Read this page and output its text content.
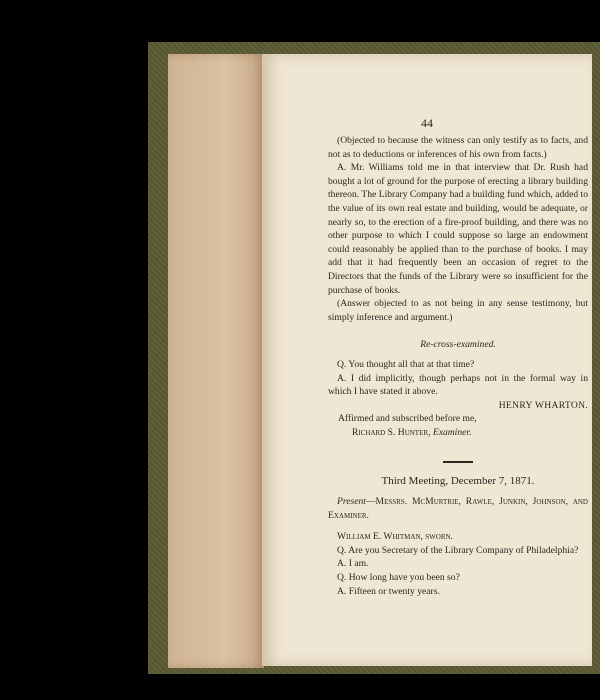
44

(Objected to because the witness can only testify as to facts, and not as to deductions or inferences of his own from facts.)

A. Mr. Williams told me in that interview that Dr. Rush had bought a lot of ground for the purpose of erecting a library building thereon. The Library Company had a building fund which, added to the value of its own real estate and building, would be adequate, or nearly so, to the erection of a fire-proof building, and there was no other purpose to which I could suppose so large an endowment could reasonably be applied than to the purchase of books. I may add that it had frequently been an occasion of regret to the Directors that the funds of the Library were so insufficient for the purchase of books.

(Answer objected to as not being in any sense testimony, but simply inference and argument.)

Re-cross-examined.

Q. You thought all that at that time?

A. I did implicitly, though perhaps not in the formal way in which I have stated it above.

HENRY WHARTON.

Affirmed and subscribed before me,

Richard S. Hunter, Examiner.

Third Meeting, December 7, 1871.

Present—Messrs. McMurtrie, Rawle, Junkin, Johnson, and Examiner.

William E. Whitman, sworn.

Q. Are you Secretary of the Library Company of Philadelphia?

A. I am.

Q. How long have you been so?

A. Fifteen or twenty years.
